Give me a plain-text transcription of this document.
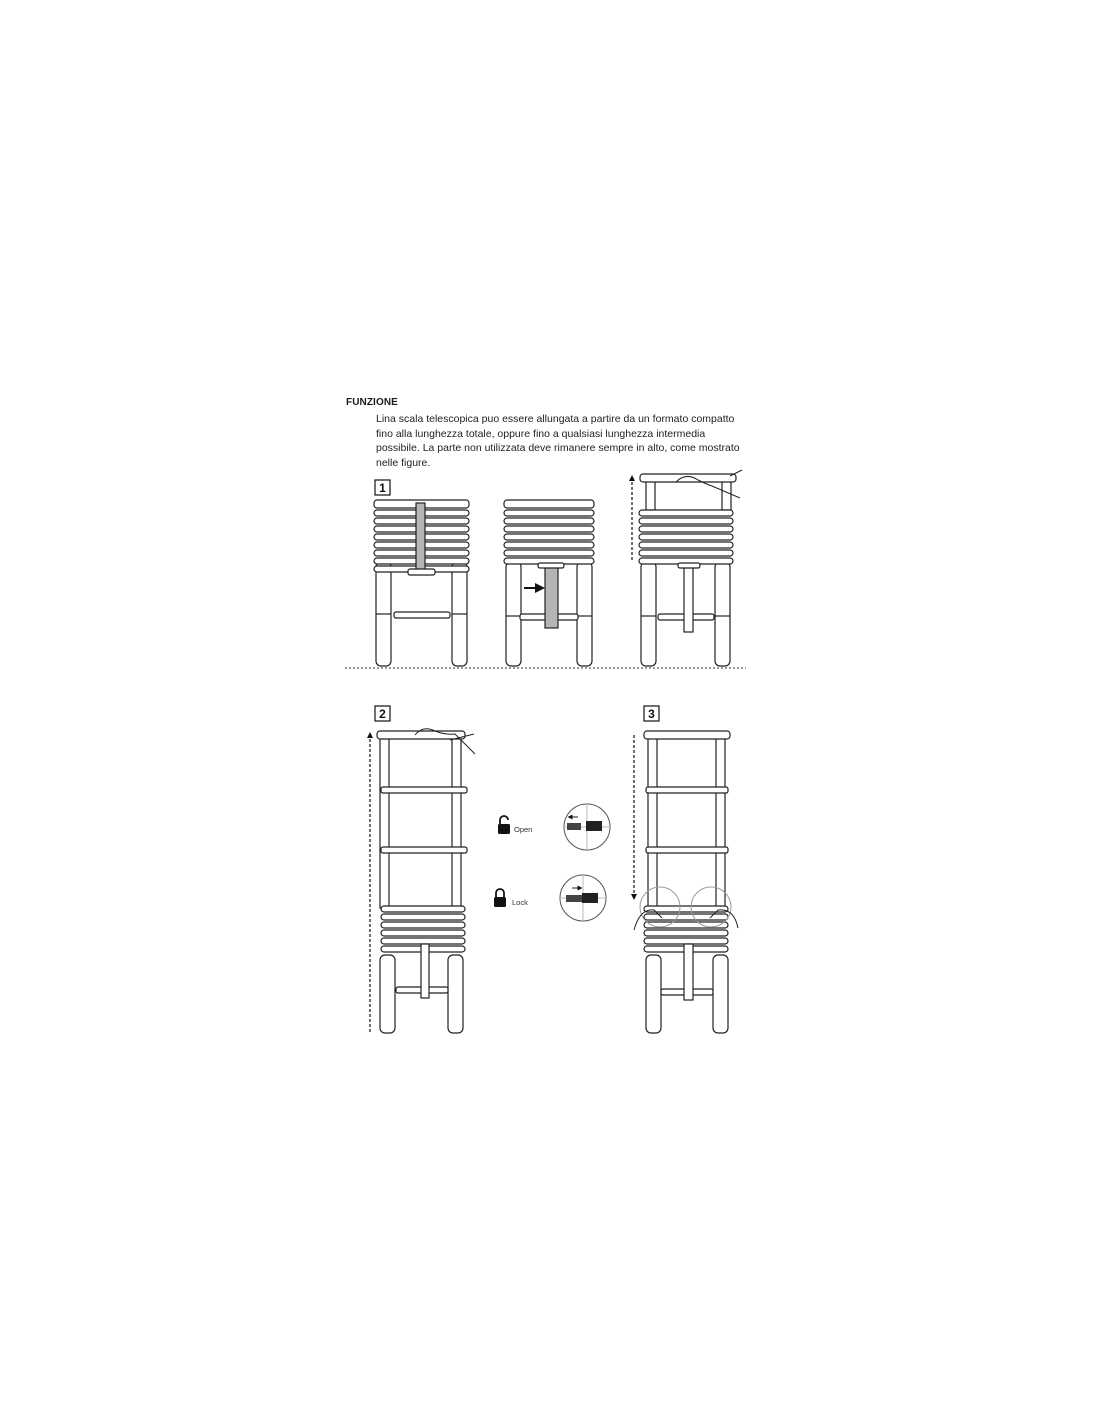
FUNZIONE

Lina scala telescopica puo essere allungata a partire da un formato compatto fino alla lunghezza totale, oppure fino a qualsiasi lunghezza intermedia possibile. La parte non utilizzata deve rimanere sempre in alto, come mostrato nelle figure.

1
2	3
Open
Lock
